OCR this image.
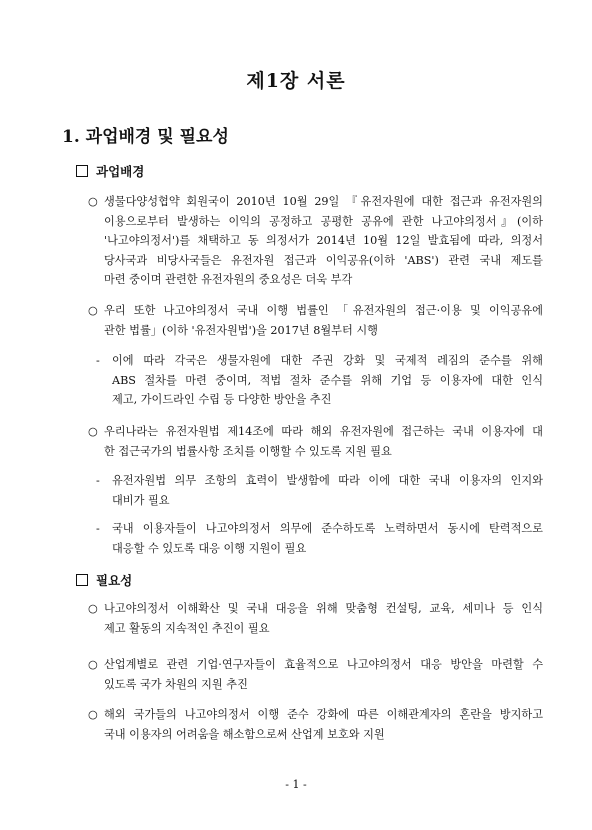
제1장 서론
1. 과업배경 및 필요성
과업배경
○ 생물다양성협약 회원국이 2010년 10월 29일 『유전자원에 대한 접근과 유전자원의
이용으로부터 발생하는 이익의 공정하고 공평한 공유에 관한 나고야의정서』(이하
'나고야의정서')를 채택하고 동 의정서가 2014년 10월 12일 발효됨에 따라, 의정서
당사국과 비당사국들은 유전자원 접근과 이익공유(이하 'ABS') 관련 국내 제도를
마련 중이며 관련한 유전자원의 중요성은 더욱 부각
○ 우리 또한 나고야의정서 국내 이행 법률인 「유전자원의 접근·이용 및 이익공유에
관한 법률」(이하 '유전자원법')을 2017년 8월부터 시행
-	이에 따라 각국은 생물자원에 대한 주권 강화 및 국제적 레짐의 준수를 위해
ABS 절차를 마련 중이며, 적법 절차 준수를 위해 기업 등 이용자에 대한 인식
제고, 가이드라인 수립 등 다양한 방안을 추진
○ 우리나라는 유전자원법 제14조에 따라 해외 유전자원에 접근하는 국내 이용자에 대
한 접근국가의 법률사항 조치를 이행할 수 있도록 지원 필요
-	유전자원법 의무 조항의 효력이 발생함에 따라 이에 대한 국내 이용자의 인지와
대비가 필요
-	국내 이용자들이 나고야의정서 의무에 준수하도록 노력하면서 동시에 탄력적으로
대응할 수 있도록 대응 이행 지원이 필요
필요성
○ 나고야의정서 이해확산 및 국내 대응을 위해 맞춤형 컨설팅, 교육, 세미나 등 인식
제고 활동의 지속적인 추진이 필요
○ 산업계별로 관련 기업·연구자들이 효율적으로 나고야의정서 대응 방안을 마련할 수
있도록 국가 차원의 지원 추진
○ 해외 국가들의 나고야의정서 이행 준수 강화에 따른 이해관계자의 혼란을 방지하고
국내 이용자의 어려움을 해소함으로써 산업계 보호와 지원
- 1 -
